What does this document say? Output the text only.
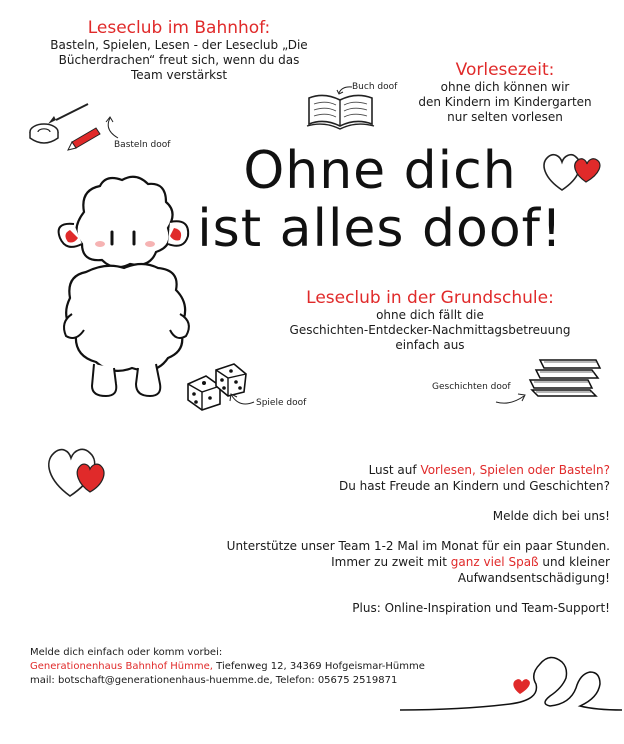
Leseclub im Bahnhof:
Basteln, Spielen, Lesen - der Leseclub „Die
Bücherdrachen“ freut sich, wenn du das
Team verstärkst	Vorlesezeit:
ohne dich können wir
den Kindern im Kindergarten
nur selten vorlesen
Buch doof
Basteln doof	Ohne dich
ist alles doof!
Leseclub in der Grundschule:
ohne dich fällt die
Geschichten-Entdecker-Nachmittagsbetreuung
einfach aus
Spiele doof
Geschichten doof

Lust auf Vorlesen, Spielen oder Basteln?

Du hast Freude an Kindern und Geschichten?

Melde dich bei uns!

Unterstütze unser Team 1-2 Mal im Monat für ein paar Stunden.

Immer zu zweit mit ganz viel Spaß und kleiner Aufwandsentschädigung!

Plus: Online-Inspiration und Team-Support!

Melde dich einfach oder komm vorbei:
Generationenhaus Bahnhof Hümme, Tiefenweg 12, 34369 Hofgeismar-Hümme
mail: botschaft@generationenhaus-huemme.de, Telefon: 05675 2519871
